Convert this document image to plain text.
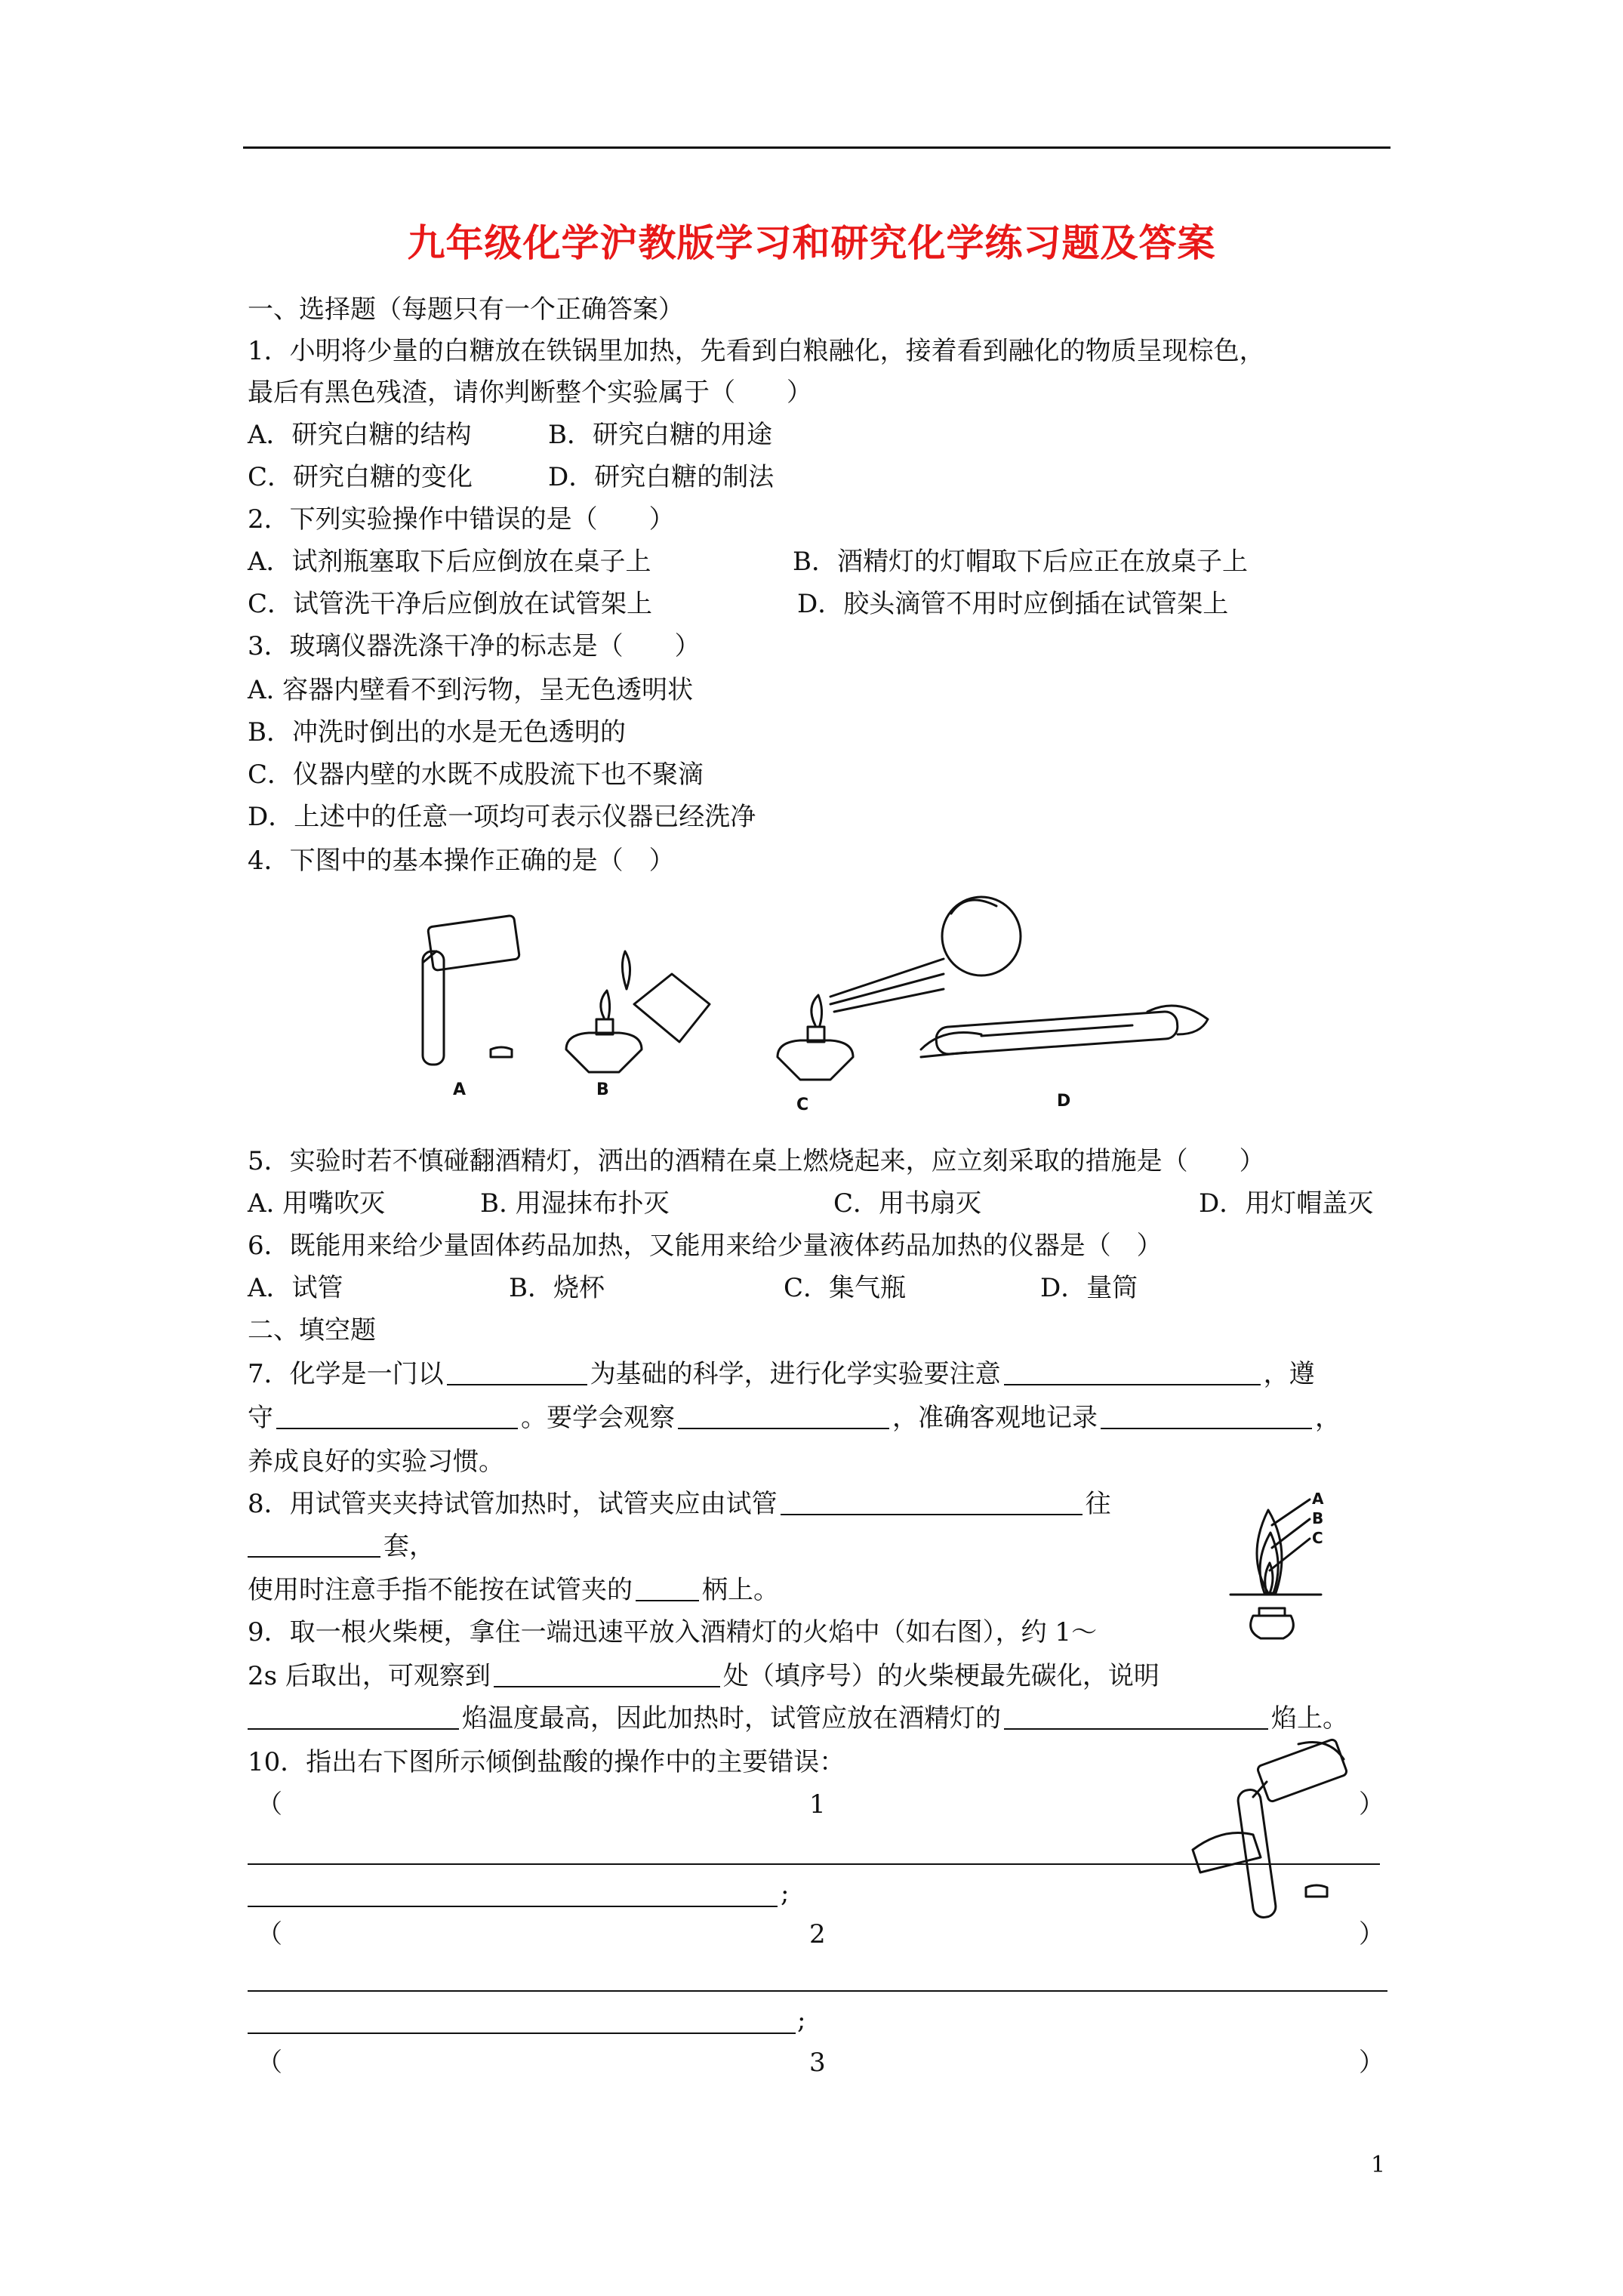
九年级化学沪教版学习和研究化学练习题及答案
一、选择题（每题只有一个正确答案）
1．小明将少量的白糖放在铁锅里加热，先看到白粮融化，接着看到融化的物质呈现棕色，
最后有黑色残渣，请你判断整个实验属于（　　）
A．研究白糖的结构	B．研究白糖的用途
C．研究白糖的变化	D．研究白糖的制法
2．下列实验操作中错误的是（　　）
A．试剂瓶塞取下后应倒放在桌子上	B．酒精灯的灯帽取下后应正在放桌子上
C．试管洗干净后应倒放在试管架上	D．胶头滴管不用时应倒插在试管架上
3．玻璃仪器洗涤干净的标志是（　　）
A. 容器内壁看不到污物，呈无色透明状
B．冲洗时倒出的水是无色透明的
C．仪器内壁的水既不成股流下也不聚滴
D．上述中的任意一项均可表示仪器已经洗净
4．下图中的基本操作正确的是（　）
A	B
C	D
5．实验时若不慎碰翻酒精灯，洒出的酒精在桌上燃烧起来，应立刻采取的措施是（　　）
A. 用嘴吹灭	B. 用湿抹布扑灭	C．用书扇灭	D．用灯帽盖灭
6．既能用来给少量固体药品加热，又能用来给少量液体药品加热的仪器是（　）
A．试管	B．烧杯	C．集气瓶	D．量筒
二、填空题
7．化学是一门以	为基础的科学，进行化学实验要注意	，遵
守	。要学会观察	，准确客观地记录	，
养成良好的实验习惯。
8．用试管夹夹持试管加热时，试管夹应由试管	往
套，
使用时注意手指不能按在试管夹的	柄上。
A
B
C
9．取一根火柴梗，拿住一端迅速平放入酒精灯的火焰中（如右图），约 1～
2s 后取出，可观察到	处（填序号）的火柴梗最先碳化，说明
焰温度最高，因此加热时，试管应放在酒精灯的	焰上。
10．指出右下图所示倾倒盐酸的操作中的主要错误：
（	1	）
;
（	2	）
;
（	3	）
1
